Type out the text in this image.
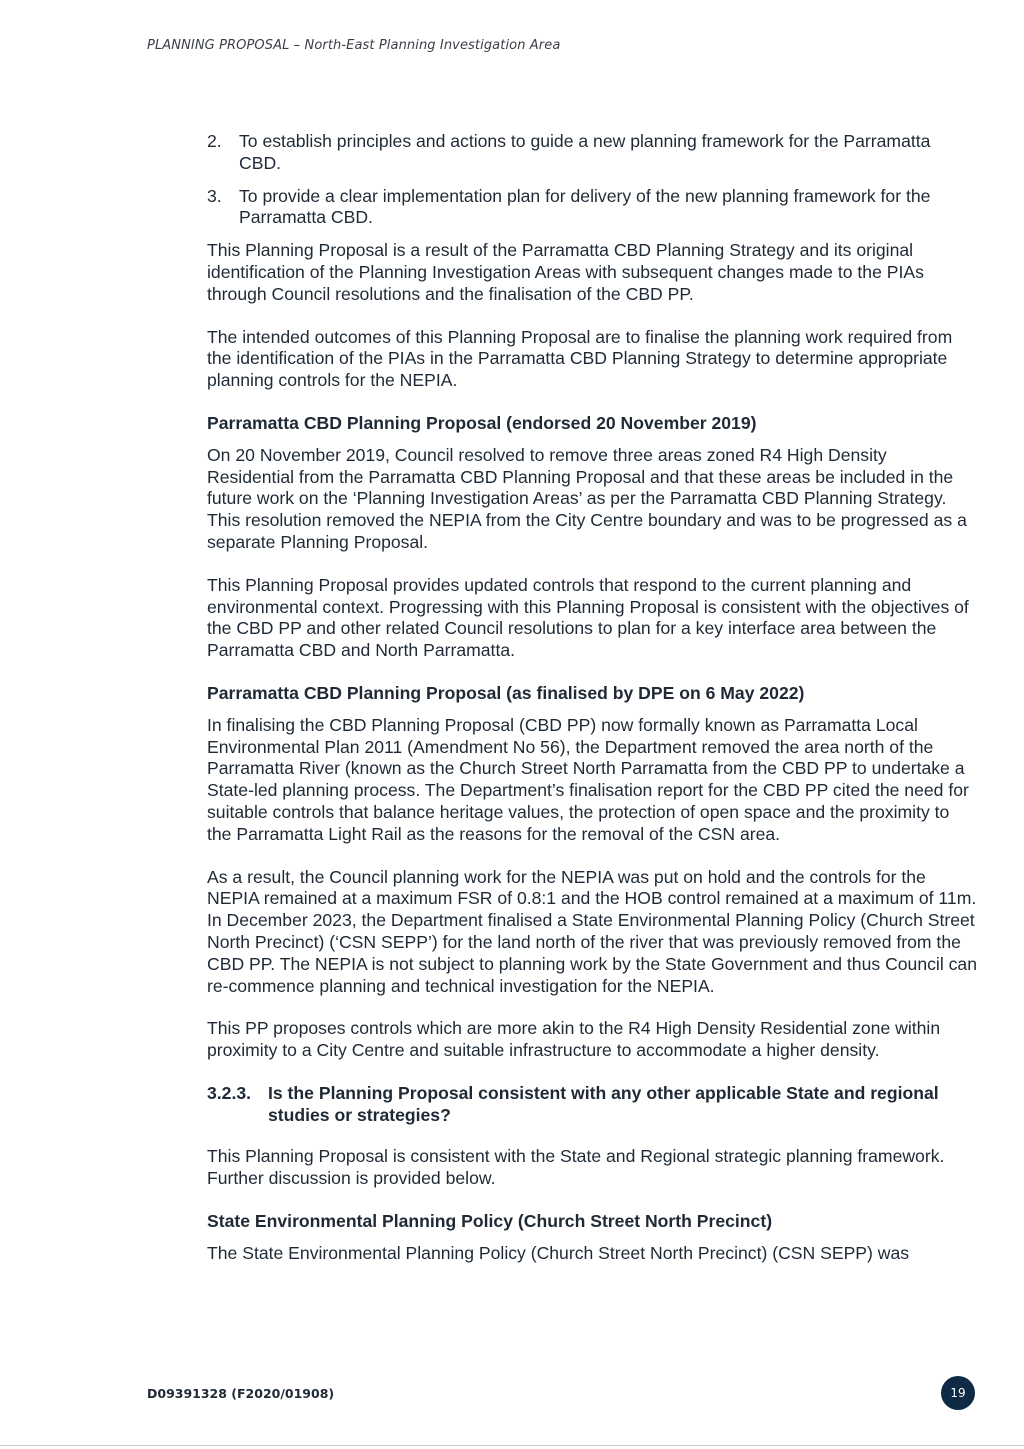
PLANNING PROPOSAL – North-East Planning Investigation Area
2. To establish principles and actions to guide a new planning framework for the Parramatta CBD.
3. To provide a clear implementation plan for delivery of the new planning framework for the Parramatta CBD.

This Planning Proposal is a result of the Parramatta CBD Planning Strategy and its original identification of the Planning Investigation Areas with subsequent changes made to the PIAs through Council resolutions and the finalisation of the CBD PP.

The intended outcomes of this Planning Proposal are to finalise the planning work required from the identification of the PIAs in the Parramatta CBD Planning Strategy to determine appropriate planning controls for the NEPIA.

Parramatta CBD Planning Proposal (endorsed 20 November 2019)

On 20 November 2019, Council resolved to remove three areas zoned R4 High Density Residential from the Parramatta CBD Planning Proposal and that these areas be included in the future work on the ‘Planning Investigation Areas’ as per the Parramatta CBD Planning Strategy. This resolution removed the NEPIA from the City Centre boundary and was to be progressed as a separate Planning Proposal.

This Planning Proposal provides updated controls that respond to the current planning and environmental context. Progressing with this Planning Proposal is consistent with the objectives of the CBD PP and other related Council resolutions to plan for a key interface area between the Parramatta CBD and North Parramatta.

Parramatta CBD Planning Proposal (as finalised by DPE on 6 May 2022)

In finalising the CBD Planning Proposal (CBD PP) now formally known as Parramatta Local Environmental Plan 2011 (Amendment No 56), the Department removed the area north of the Parramatta River (known as the Church Street North Parramatta from the CBD PP to undertake a State-led planning process. The Department’s finalisation report for the CBD PP cited the need for suitable controls that balance heritage values, the protection of open space and the proximity to the Parramatta Light Rail as the reasons for the removal of the CSN area.

As a result, the Council planning work for the NEPIA was put on hold and the controls for the NEPIA remained at a maximum FSR of 0.8:1 and the HOB control remained at a maximum of 11m. In December 2023, the Department finalised a State Environmental Planning Policy (Church Street North Precinct) (‘CSN SEPP’) for the land north of the river that was previously removed from the CBD PP. The NEPIA is not subject to planning work by the State Government and thus Council can re-commence planning and technical investigation for the NEPIA.

This PP proposes controls which are more akin to the R4 High Density Residential zone within proximity to a City Centre and suitable infrastructure to accommodate a higher density.

3.2.3. Is the Planning Proposal consistent with any other applicable State and regional studies or strategies?

This Planning Proposal is consistent with the State and Regional strategic planning framework. Further discussion is provided below.

State Environmental Planning Policy (Church Street North Precinct)

The State Environmental Planning Policy (Church Street North Precinct) (CSN SEPP) was

D09391328 (F2020/01908)	19
